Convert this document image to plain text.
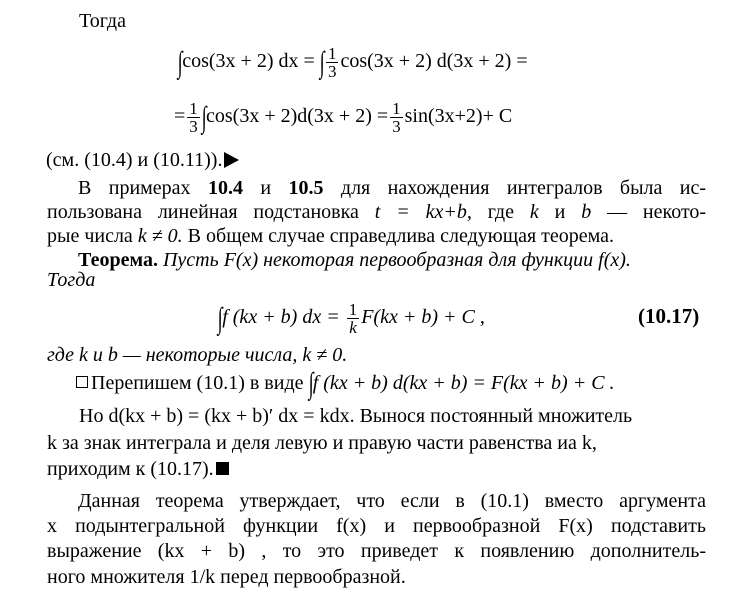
Тогда
∫cos(3x + 2) dx = ∫ $\frac{1}{3} \cos(3x + 2) d(3x + 2)$ =
= $\frac{1}{3} \int\cos(3x + 2)d(3x + 2) = \frac{1}{3} \sin(3x+2)+ C$
(см. (10.4) и (10.11)).
В примерах 10.4 и 10.5 для нахождения интегралов была ис-
пользована линейная подстановка t = kx+b, где k и b — некото-
рые числа k ≠ 0. В общем случае справедлива следующая теорема.
Теорема. Пусть F(x) некоторая первообразная для функции f(x).
Тогда
∫f (kx + b) dx = $\frac{1}{k} F(kx + b) + C$ ,	(10.17)
где k и b — некоторые числа, k ≠ 0.
Перепишем (10.1) в виде ∫f (kx + b) d(kx + b) = F(kx + b) + C .
Но d(kx + b) = (kx + b)′ dx = kdx. Выноcя постоянный множитель
k за знак интеграла и деля левую и правую части равенства иа k,
приходим к (10.17).
Данная теорема утверждает, что если в (10.1) вместо аргумента
x подынтегральной функции f(x) и первообразной F(x) подставить
выражение (kx + b) , то это приведет к появлению дополнитель-
ного множителя 1/k перед первообразной.
